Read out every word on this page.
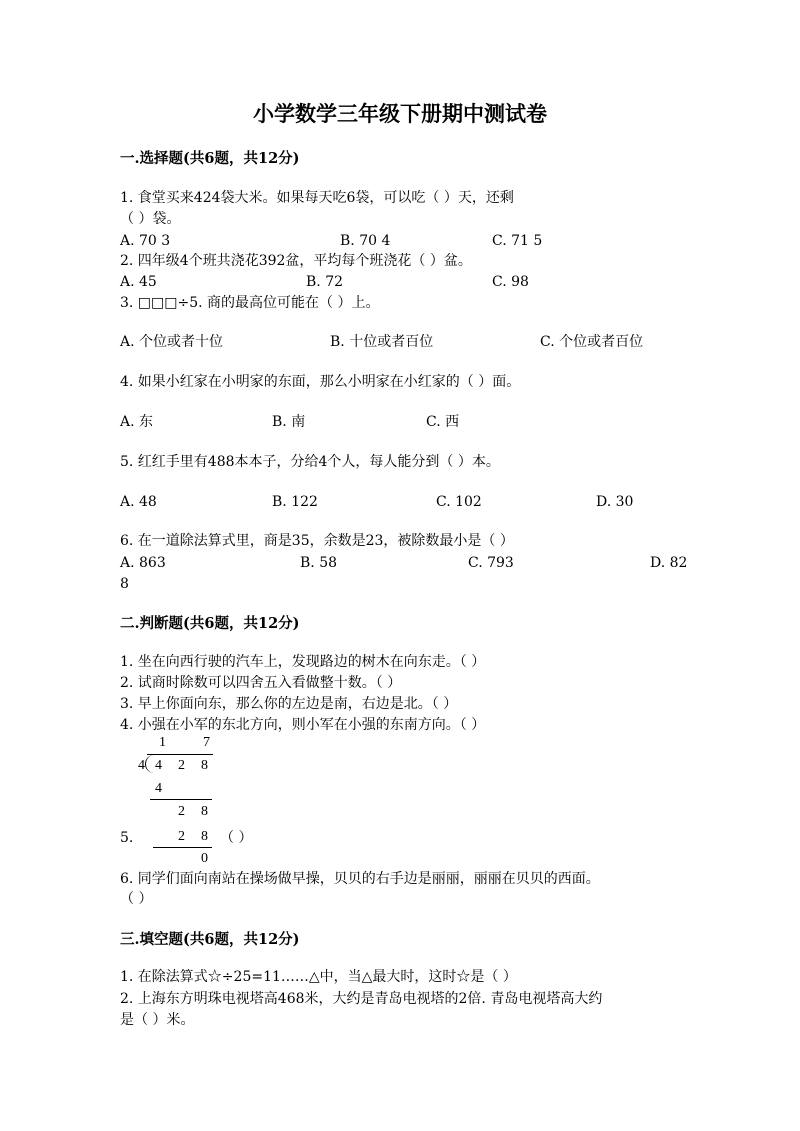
小学数学三年级下册期中测试卷
一.选择题(共6题，共12分)
1. 食堂买来424袋大米。如果每天吃6袋，可以吃（ ）天，还剩
（ ）袋。
A. 70 3	B. 70 4	C. 71 5
2. 四年级4个班共浇花392盆，平均每个班浇花（ ）盆。
A. 45	B. 72	C. 98
3. □□□÷5. 商的最高位可能在（ ）上。
A. 个位或者十位	B. 十位或者百位	C. 个位或者百位
4. 如果小红家在小明家的东面，那么小明家在小红家的（ ）面。
A. 东	B. 南	C. 西
5. 红红手里有488本本子，分给4个人，每人能分到（ ）本。
A. 48	B. 122	C. 102	D. 30
6. 在一道除法算式里，商是35，余数是23，被除数最小是（ ）
A. 863	B. 58	C. 793	D. 82
8
二.判断题(共6题，共12分)
1. 坐在向西行驶的汽车上，发现路边的树木在向东走。（ ）
2. 试商时除数可以四舍五入看做整十数。（ ）
3. 早上你面向东，那么你的左边是南，右边是北。（ ）
4. 小强在小军的东北方向，则小军在小强的东南方向。（ ）
1	7
4 4 2 8
4
2 8
2 8
0
5.	（ ）
6. 同学们面向南站在操场做早操，贝贝的右手边是丽丽，丽丽在贝贝的西面。
（ ）
三.填空题(共6题，共12分)
1. 在除法算式☆÷25=11……△中，当△最大时，这时☆是（ ）
2. 上海东方明珠电视塔高468米，大约是青岛电视塔的2倍. 青岛电视塔高大约
是（ ）米。
